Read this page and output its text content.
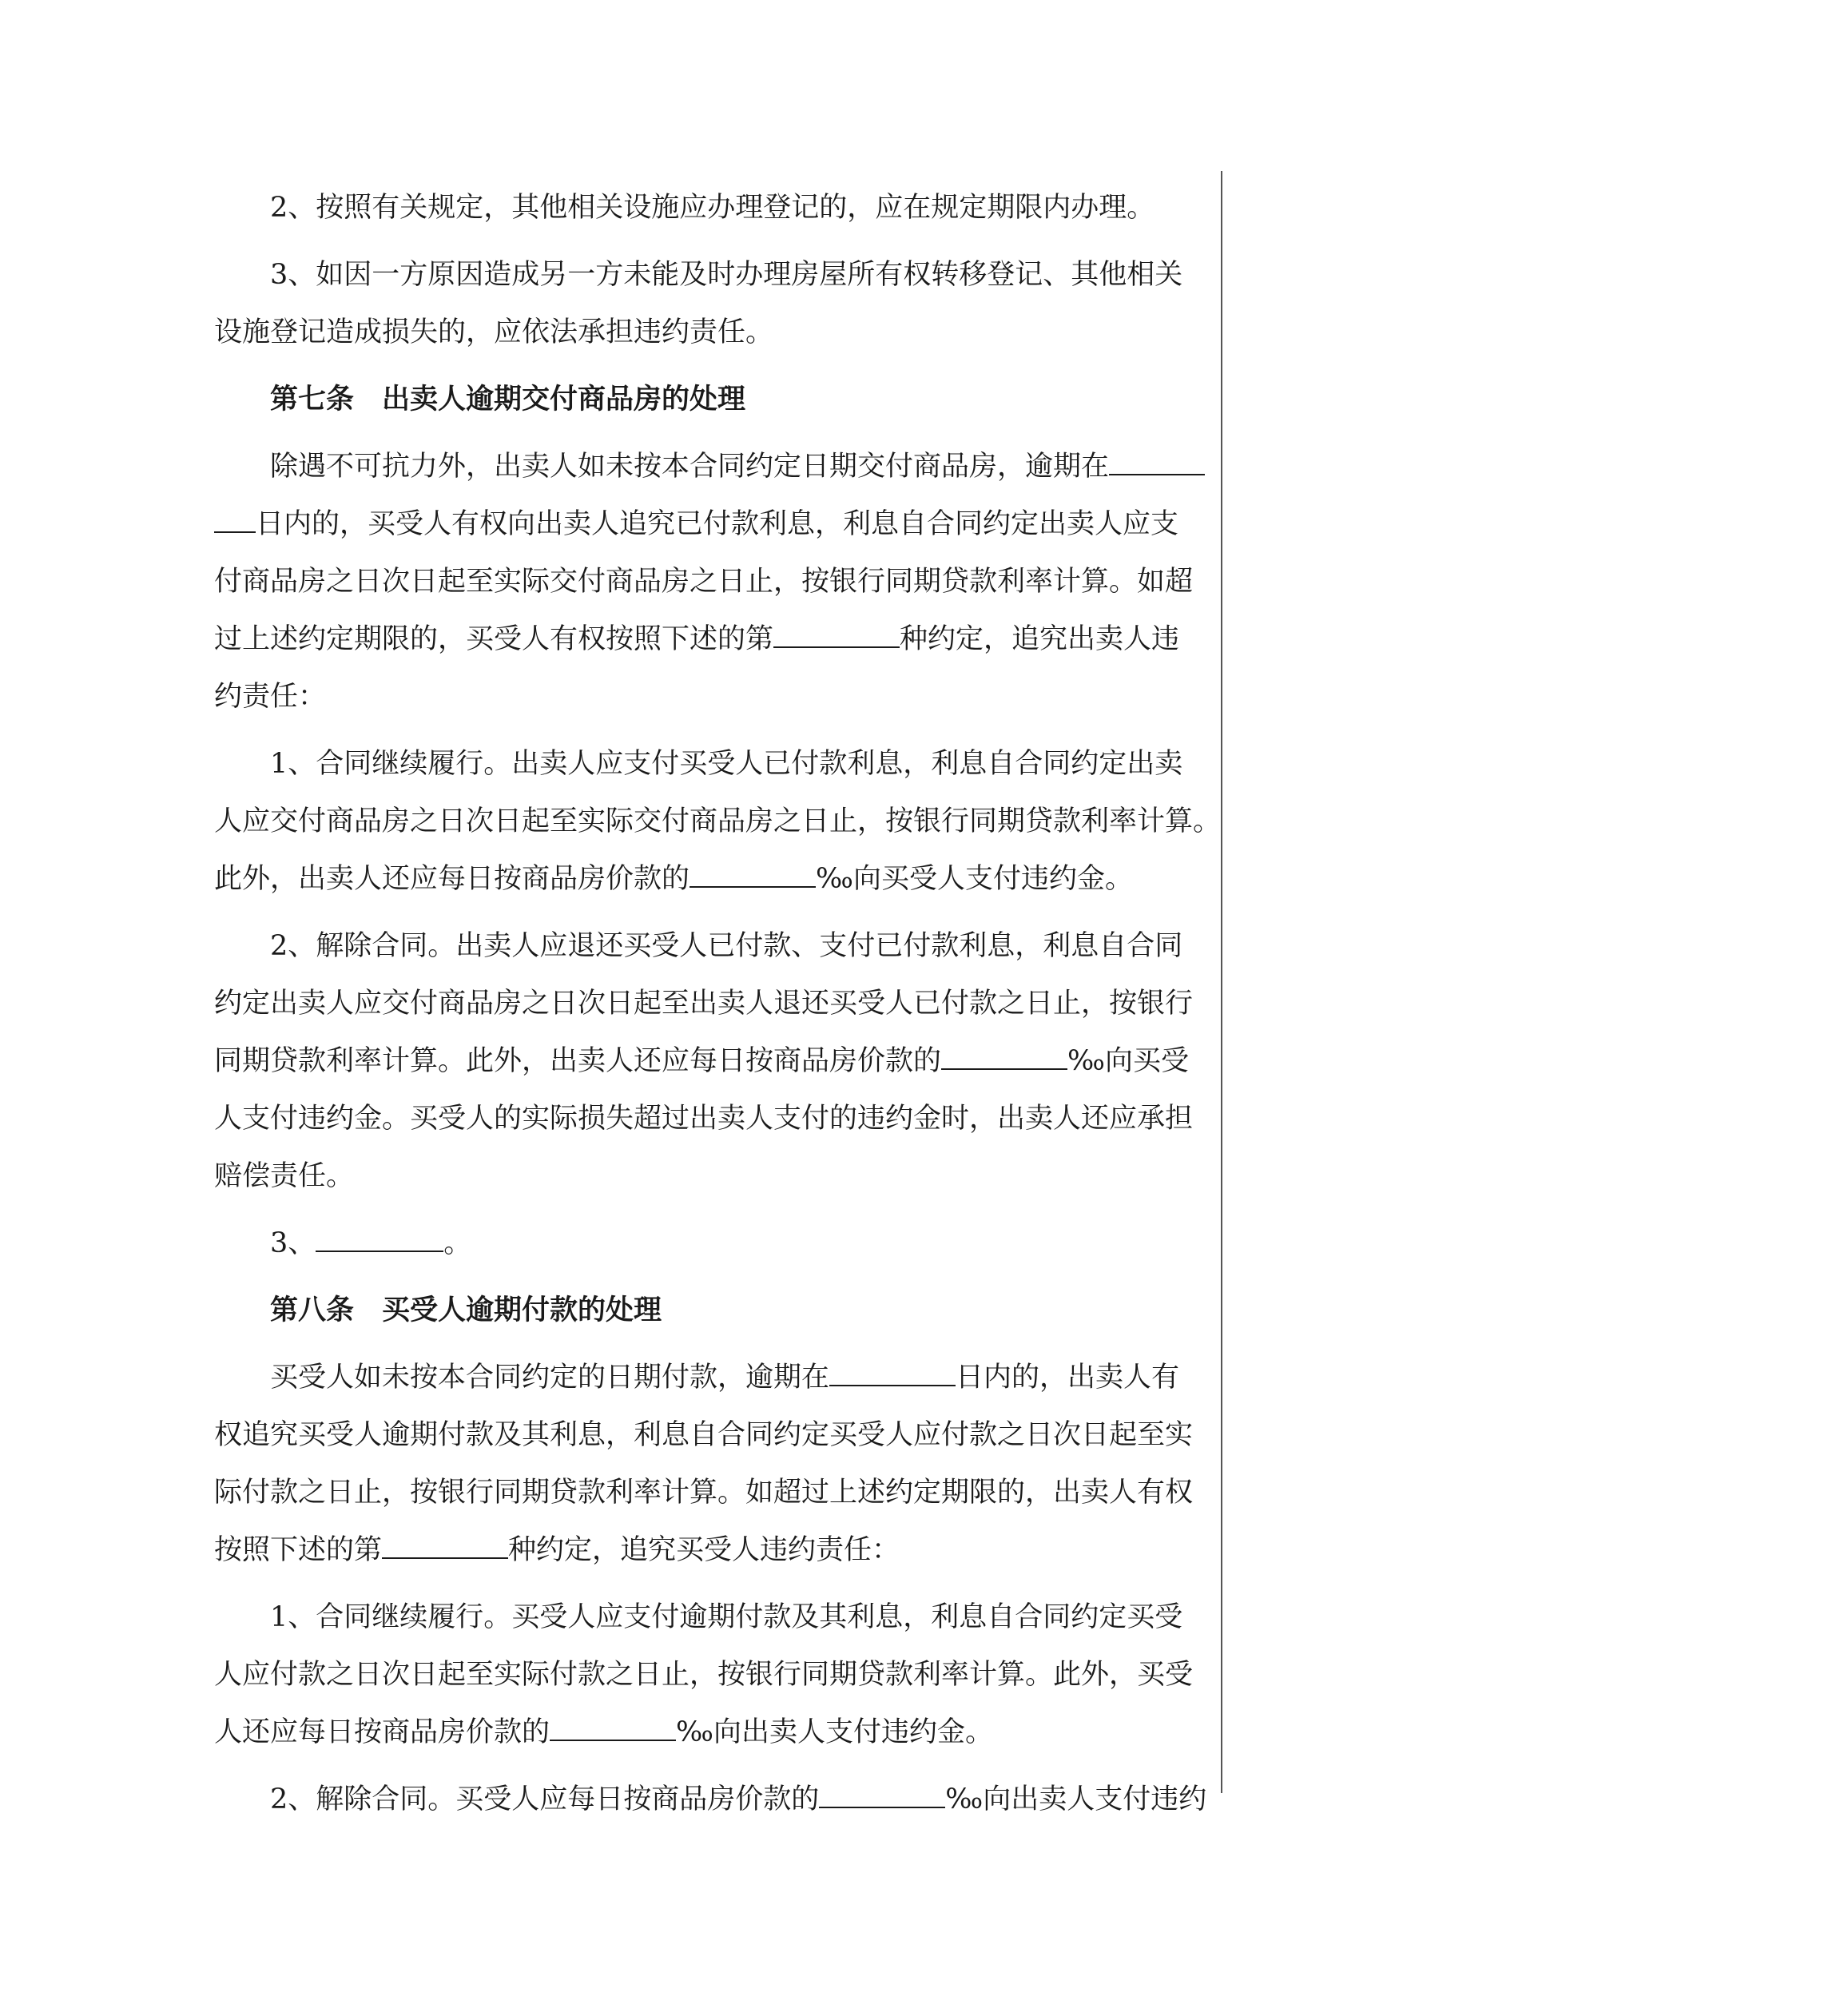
2、按照有关规定，其他相关设施应办理登记的，应在规定期限内办理。
3、如因一方原因造成另一方未能及时办理房屋所有权转移登记、其他相关
设施登记造成损失的，应依法承担违约责任。
第七条　出卖人逾期交付商品房的处理
除遇不可抗力外，出卖人如未按本合同约定日期交付商品房，逾期在
日内的，买受人有权向出卖人追究已付款利息，利息自合同约定出卖人应支
付商品房之日次日起至实际交付商品房之日止，按银行同期贷款利率计算。如超
过上述约定期限的，买受人有权按照下述的第	种约定，追究出卖人违
约责任：
1、合同继续履行。出卖人应支付买受人已付款利息，利息自合同约定出卖
人应交付商品房之日次日起至实际交付商品房之日止，按银行同期贷款利率计算。
此外，出卖人还应每日按商品房价款的	‰向买受人支付违约金。
2、解除合同。出卖人应退还买受人已付款、支付已付款利息，利息自合同
约定出卖人应交付商品房之日次日起至出卖人退还买受人已付款之日止，按银行
同期贷款利率计算。此外，出卖人还应每日按商品房价款的	‰向买受
人支付违约金。买受人的实际损失超过出卖人支付的违约金时，出卖人还应承担
赔偿责任。
3、	。
第八条　买受人逾期付款的处理
买受人如未按本合同约定的日期付款，逾期在	日内的，出卖人有
权追究买受人逾期付款及其利息，利息自合同约定买受人应付款之日次日起至实
际付款之日止，按银行同期贷款利率计算。如超过上述约定期限的，出卖人有权
按照下述的第	种约定，追究买受人违约责任：
1、合同继续履行。买受人应支付逾期付款及其利息，利息自合同约定买受
人应付款之日次日起至实际付款之日止，按银行同期贷款利率计算。此外，买受
人还应每日按商品房价款的	‰向出卖人支付违约金。
2、解除合同。买受人应每日按商品房价款的	‰向出卖人支付违约
